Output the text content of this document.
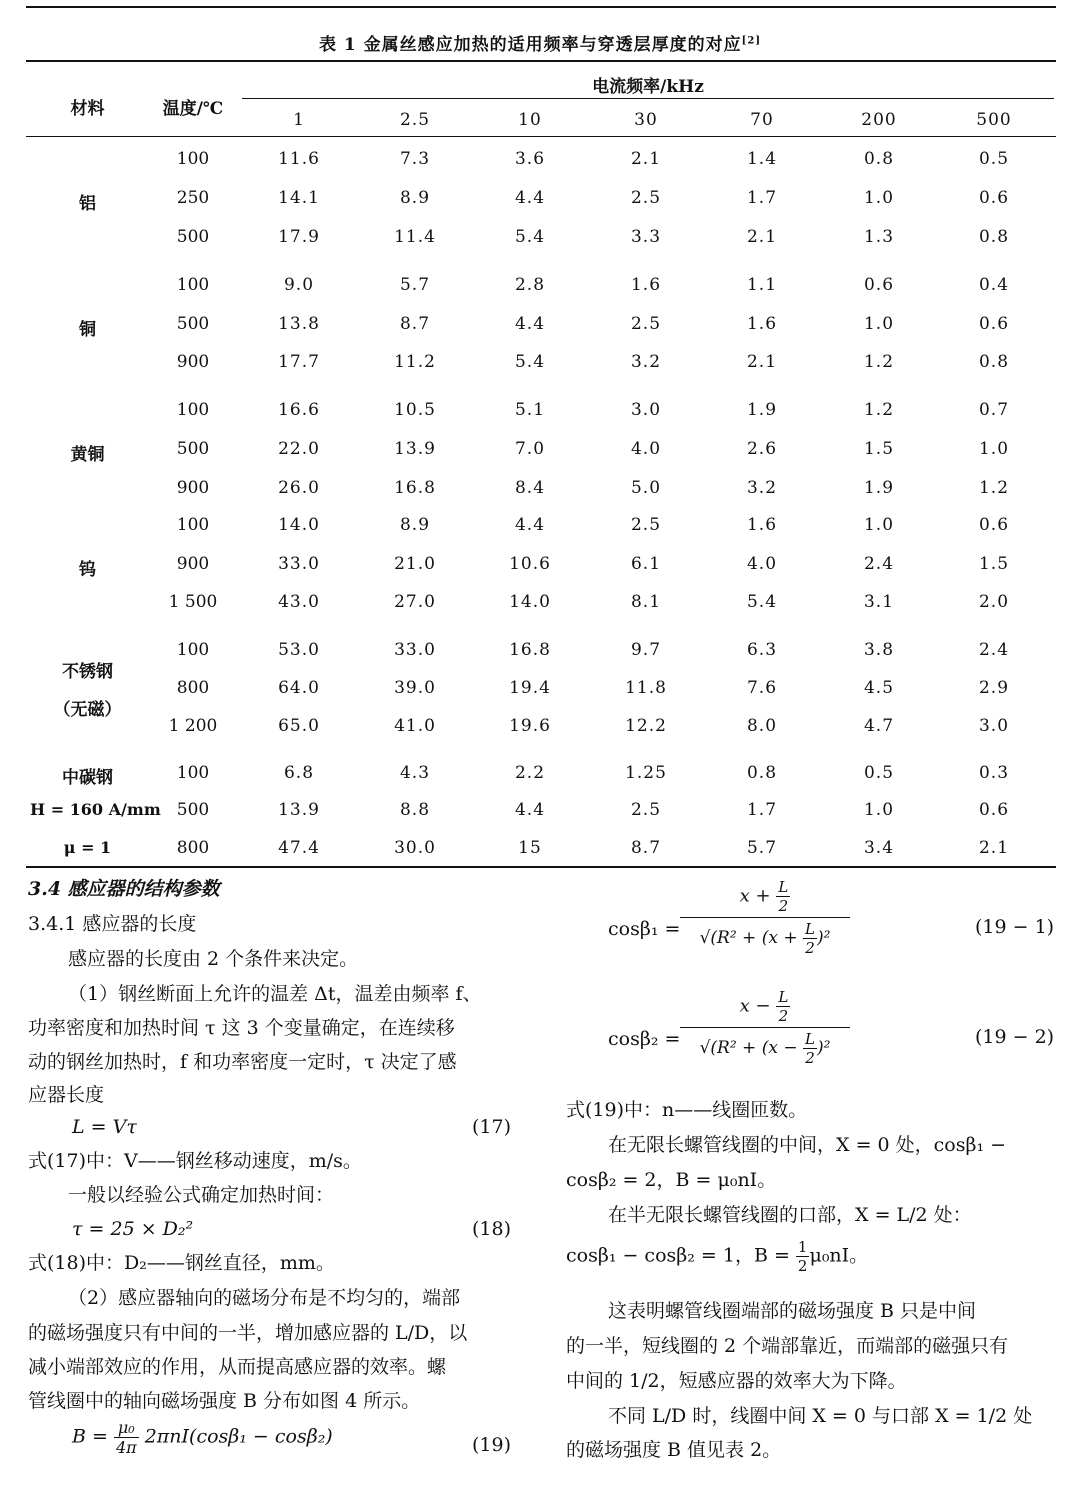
表 1 金属丝感应加热的适用频率与穿透层厚度的对应[2]
材料	温度/℃
电流频率/kHz
1	2.5	10	30	70	200	500
铝
100	11.6	7.3	3.6	2.1	1.4	0.8	0.5
250	14.1	8.9	4.4	2.5	1.7	1.0	0.6
500	17.9	11.4	5.4	3.3	2.1	1.3	0.8
铜
100	9.0	5.7	2.8	1.6	1.1	0.6	0.4
500	13.8	8.7	4.4	2.5	1.6	1.0	0.6
900	17.7	11.2	5.4	3.2	2.1	1.2	0.8
黄铜
100	16.6	10.5	5.1	3.0	1.9	1.2	0.7
500	22.0	13.9	7.0	4.0	2.6	1.5	1.0
900	26.0	16.8	8.4	5.0	3.2	1.9	1.2
钨
100	14.0	8.9	4.4	2.5	1.6	1.0	0.6
900	33.0	21.0	10.6	6.1	4.0	2.4	1.5
1 500	43.0	27.0	14.0	8.1	5.4	3.1	2.0
不锈钢
（无磁）
100	53.0	33.0	16.8	9.7	6.3	3.8	2.4
800	64.0	39.0	19.4	11.8	7.6	4.5	2.9
1 200	65.0	41.0	19.6	12.2	8.0	4.7	3.0
中碳钢
H = 160 A/mm
μ = 1
100	6.8	4.3	2.2	1.25	0.8	0.5	0.3
500	13.9	8.8	4.4	2.5	1.7	1.0	0.6
800	47.4	30.0	15	8.7	5.7	3.4	2.1
3.4 感应器的结构参数
3.4.1 感应器的长度
感应器的长度由 2 个条件来决定。
（1）钢丝断面上允许的温差 Δt，温差由频率 f、
功率密度和加热时间 τ 这 3 个变量确定，在连续移
动的钢丝加热时，f 和功率密度一定时，τ 决定了感
应器长度
L = Vτ	(17)
式(17)中：V——钢丝移动速度，m/s。
一般以经验公式确定加热时间：
τ = 25 × D₂²	(18)
式(18)中：D₂——钢丝直径，mm。
（2）感应器轴向的磁场分布是不均匀的，端部
的磁场强度只有中间的一半，增加感应器的 L/D，以
减小端部效应的作用，从而提高感应器的效率。螺
管线圈中的轴向磁场强度 B 分布如图 4 所示。
$B = \frac{\text{μ₀}}{4\pi} 2\pi nI(\cos\beta_1 - \cos\beta_2)$	(19)
cosβ₁ =	(19 − 1)
$\frac{x + \frac{L}{2}}{√(R^2 + (x + \frac{L}{2} )^2}$
cosβ₂ =	(19 − 2)
$\frac{x - \frac{L}{2}}{√(R^2 + (x - \frac{L}{2} )^2}$
式(19)中：n——线圈匝数。
在无限长螺管线圈的中间，X = 0 处，cosβ₁ −
cosβ₂ = 2，B = μ₀nI。
在半无限长螺管线圈的口部，X = L/2 处：
cosβ₁ − cosβ₂ = 1，$B = \frac{1}{2} \mu_0nI$。
这表明螺管线圈端部的磁场强度 B 只是中间
的一半，短线圈的 2 个端部靠近，而端部的磁强只有
中间的 1/2，短感应器的效率大为下降。
不同 L/D 时，线圈中间 X = 0 与口部 X = 1/2 处
的磁场强度 B 值见表 2。
